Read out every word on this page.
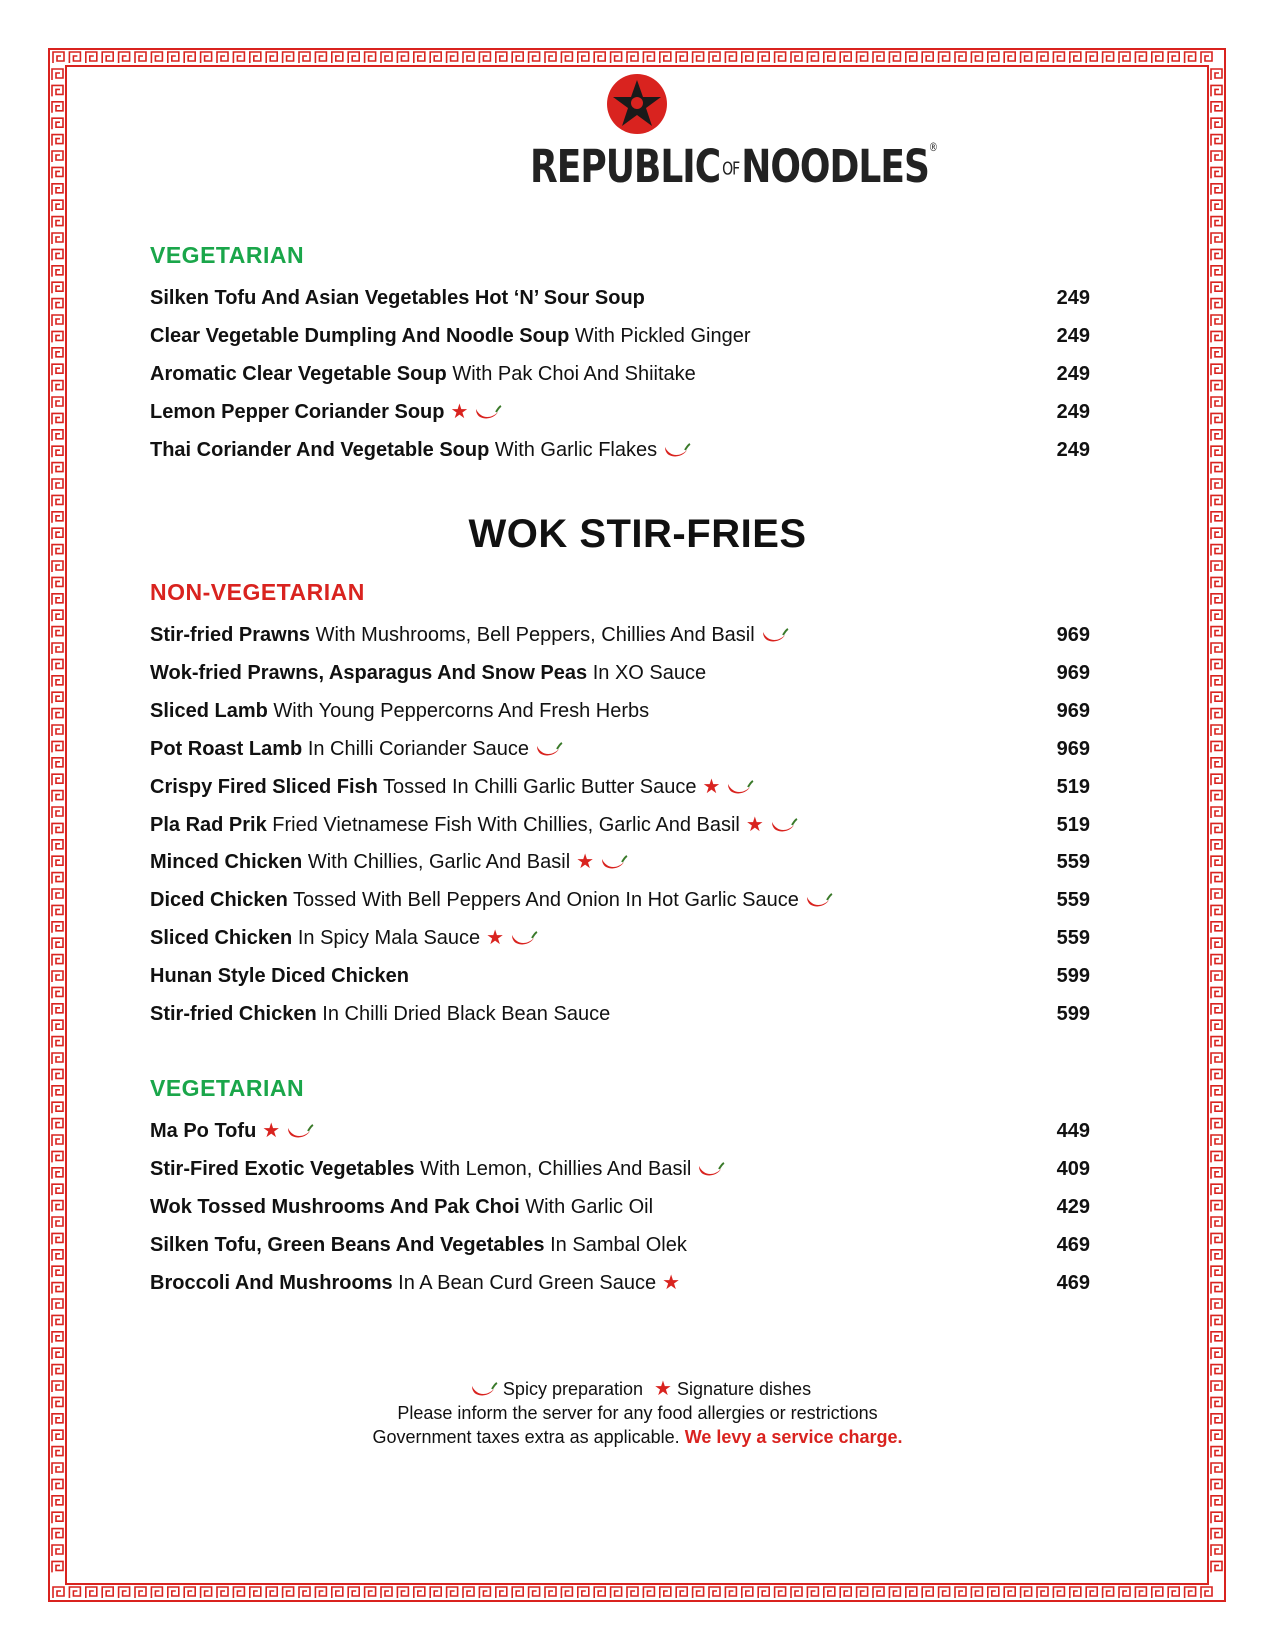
REPUBLIC OFNOODLES®
VEGETARIAN
Silken Tofu And Asian Vegetables Hot ‘N’ Sour Soup	249
Clear Vegetable Dumpling And Noodle Soup With Pickled Ginger	249
Aromatic Clear Vegetable Soup With Pak Choi And Shiitake	249
Lemon Pepper Coriander Soup ★	249
Thai Coriander And Vegetable Soup With Garlic Flakes	249
WOK STIR-FRIES
NON-VEGETARIAN
Stir-fried Prawns With Mushrooms, Bell Peppers, Chillies And Basil	969
Wok-fried Prawns, Asparagus And Snow Peas In XO Sauce	969
Sliced Lamb With Young Peppercorns And Fresh Herbs	969
Pot Roast Lamb In Chilli Coriander Sauce	969
Crispy Fired Sliced Fish Tossed In Chilli Garlic Butter Sauce ★	519
Pla Rad Prik Fried Vietnamese Fish With Chillies, Garlic And Basil ★	519
Minced Chicken With Chillies, Garlic And Basil ★	559
Diced Chicken Tossed With Bell Peppers And Onion In Hot Garlic Sauce	559
Sliced Chicken In Spicy Mala Sauce ★	559
Hunan Style Diced Chicken	599
Stir-fried Chicken In Chilli Dried Black Bean Sauce	599
VEGETARIAN
Ma Po Tofu ★	449
Stir-Fired Exotic Vegetables With Lemon, Chillies And Basil	409
Wok Tossed Mushrooms And Pak Choi With Garlic Oil	429
Silken Tofu, Green Beans And Vegetables In Sambal Olek	469
Broccoli And Mushrooms In A Bean Curd Green Sauce ★	469
Spicy preparation ★ Signature dishes
Please inform the server for any food allergies or restrictions
Government taxes extra as applicable. We levy a service charge.
